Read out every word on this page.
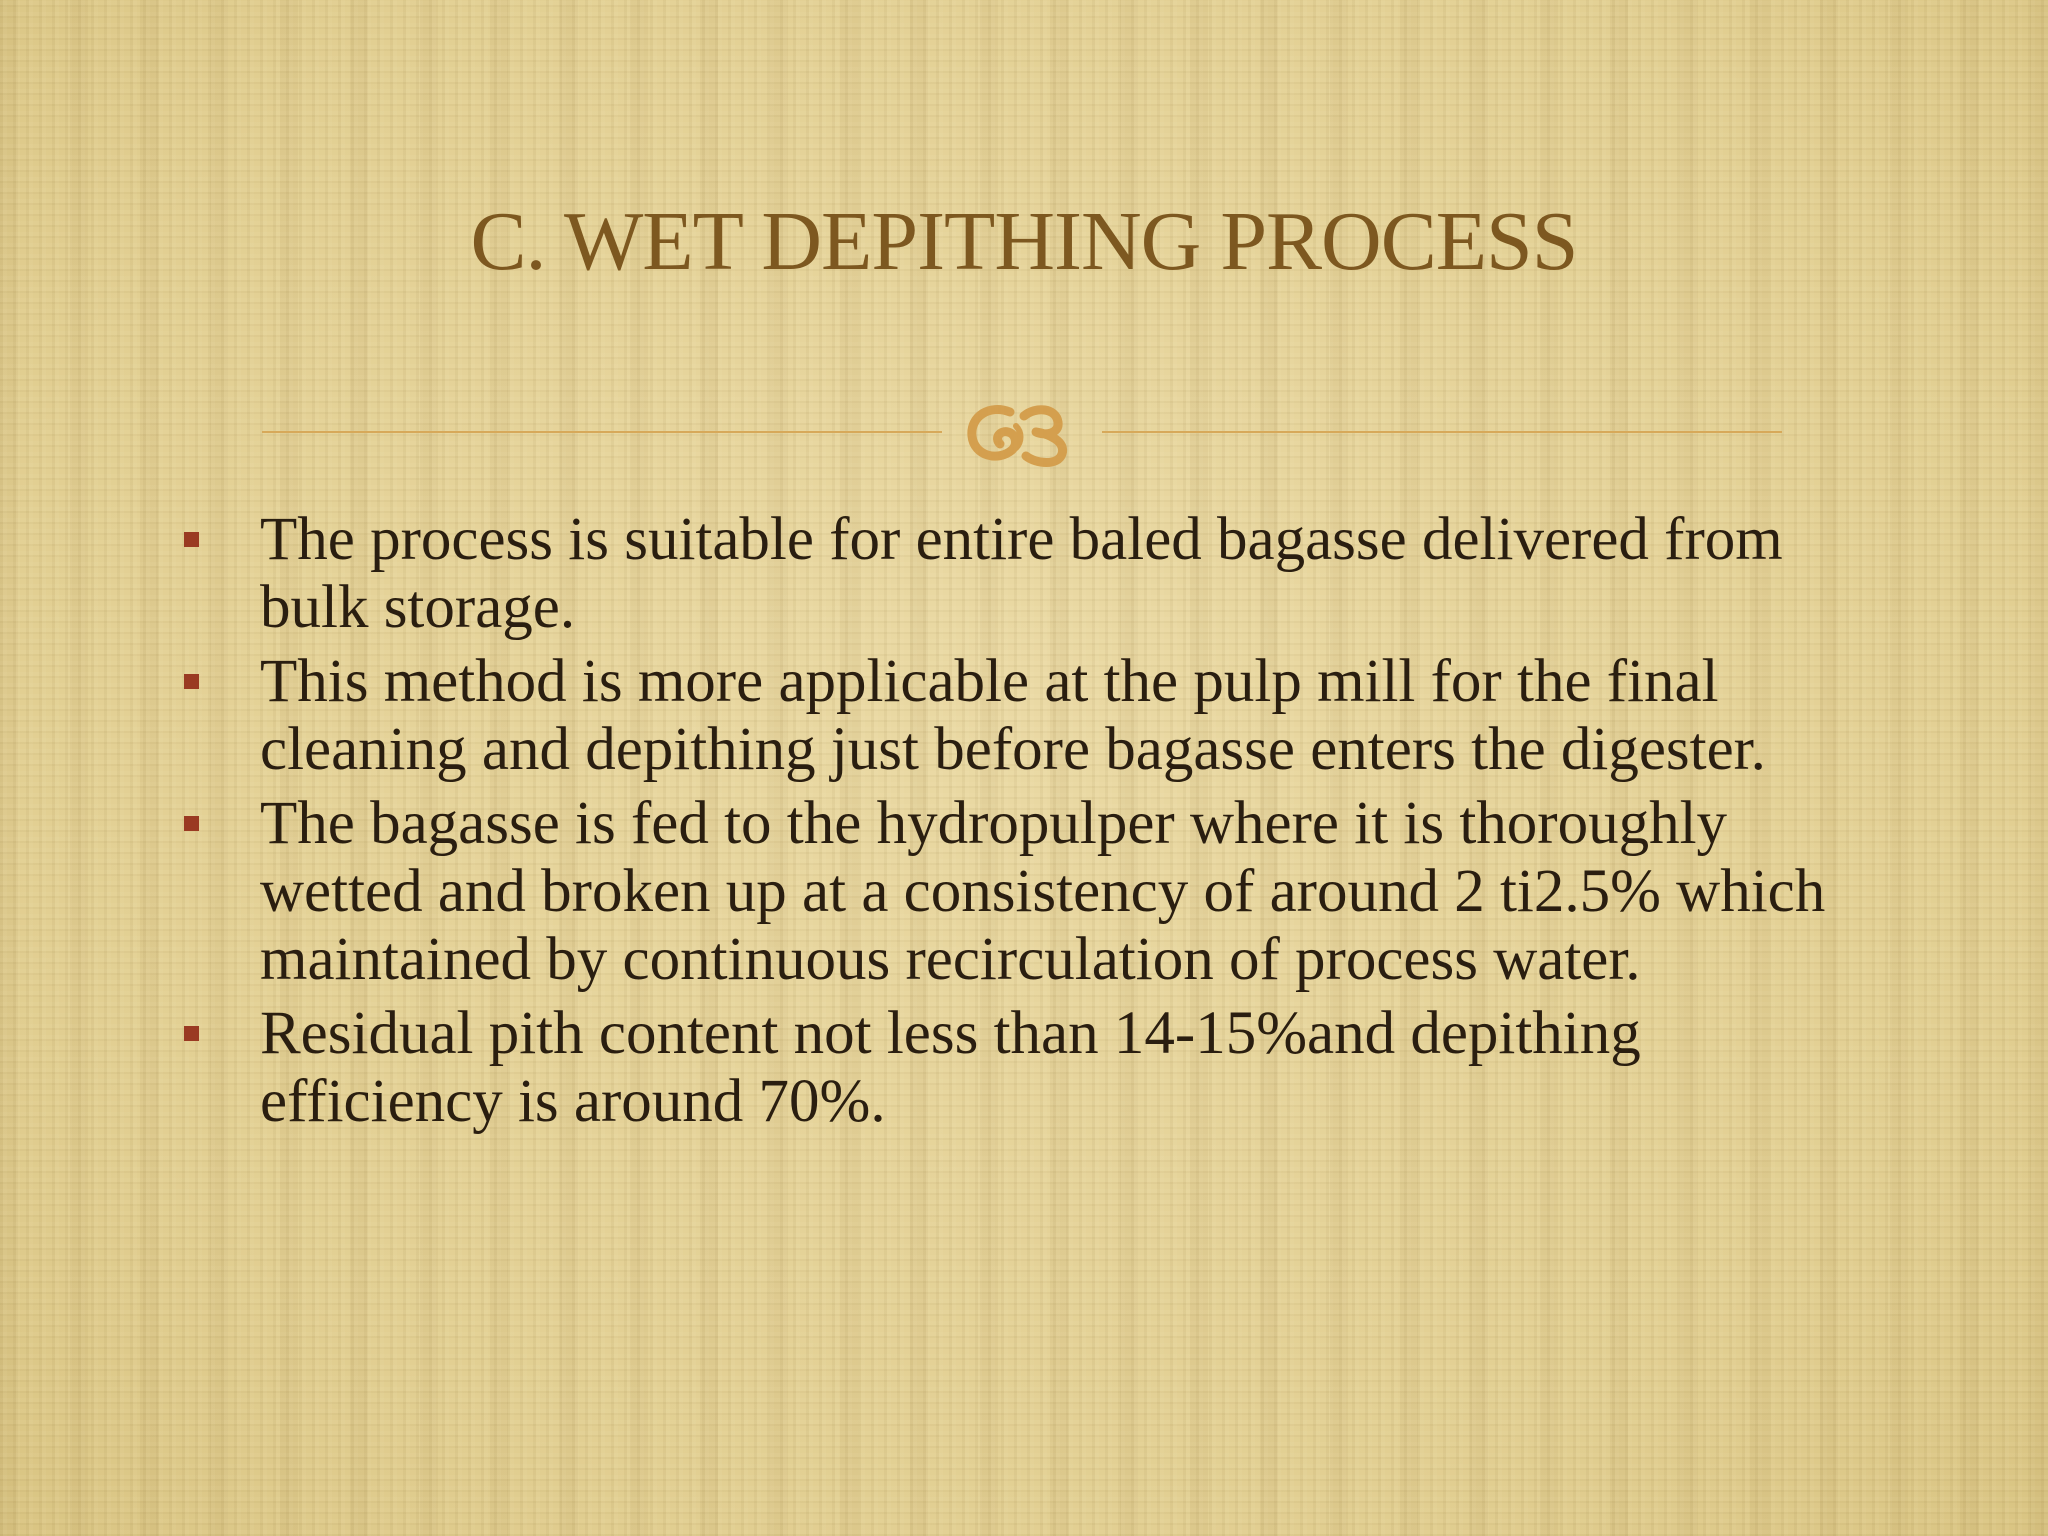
C. WET DEPITHING PROCESS
The process is suitable for entire baled bagasse delivered from bulk storage.
This method is more applicable at the pulp mill for the final cleaning and depithing just before bagasse enters the digester.
The bagasse is fed to the hydropulper where it is thoroughly wetted and broken up at a consistency of around 2 ti2.5% which maintained by continuous recirculation of process water.
Residual pith content not less than 14-15%and depithing efficiency is around 70%.
